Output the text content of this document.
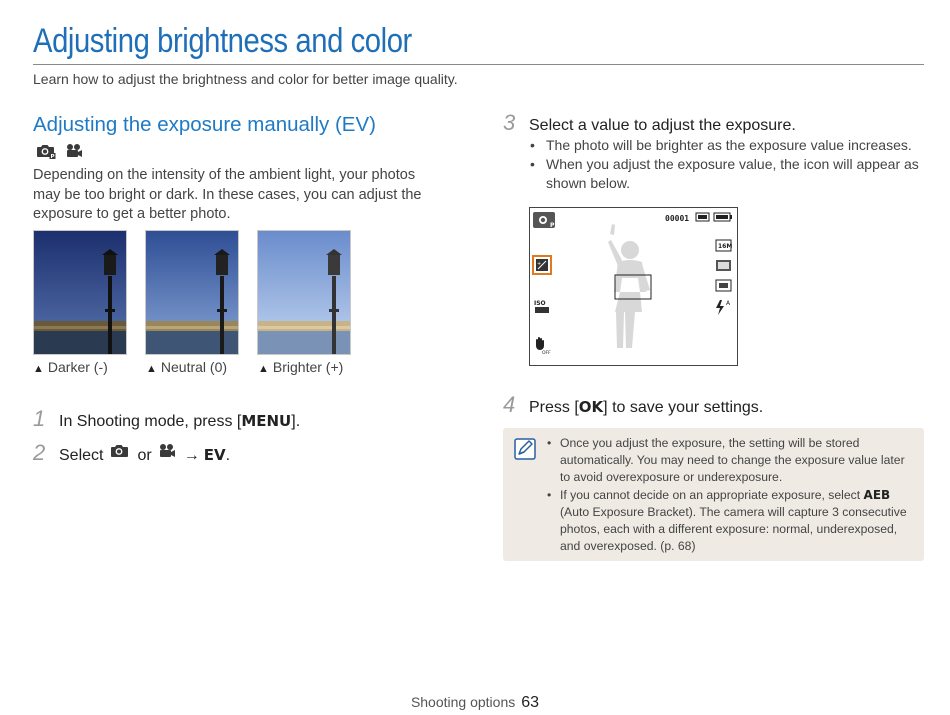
Adjusting brightness and color
Learn how to adjust the brightness and color for better image quality.
Adjusting the exposure manually (EV)
P
Depending on the intensity of the ambient light, your photos may be too bright or dark. In these cases, you can adjust the exposure to get a better photo.
▲ Darker (-)	▲ Neutral (0)	▲ Brighter (+)
1 In Shooting mode, press [ MENU ].
2 Select or → EV .
3 Select a value to adjust the exposure.
• The photo will be brighter as the exposure value increases.
• When you adjust the exposure value, the icon will appear as shown below.
P
00001
16M
A
+
ISO
OFF
4 Press [ OK ] to save your settings.
• Once you adjust the exposure, the setting will be stored automatically. You may need to change the exposure value later to avoid overexposure or underexposure.
• If you cannot decide on an appropriate exposure, select AEB (Auto Exposure Bracket). The camera will capture 3 consecutive photos, each with a different exposure: normal, underexposed, and overexposed. (p. 68)
Shooting options 63
